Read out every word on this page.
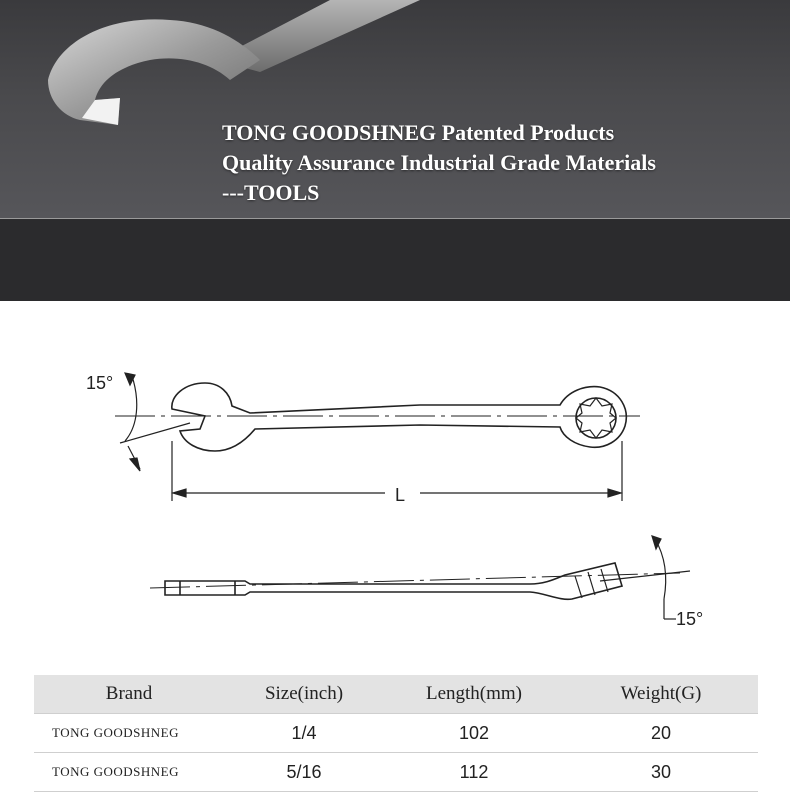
TONG GOODSHNEG Patented Products
Quality Assurance Industrial Grade Materials
---TOOLS
15°
L
15°
Brand	Size(inch)	Length(mm)	Weight(G)
TONG GOODSHNEG	1/4	102	20
TONG GOODSHNEG	5/16	112	30
